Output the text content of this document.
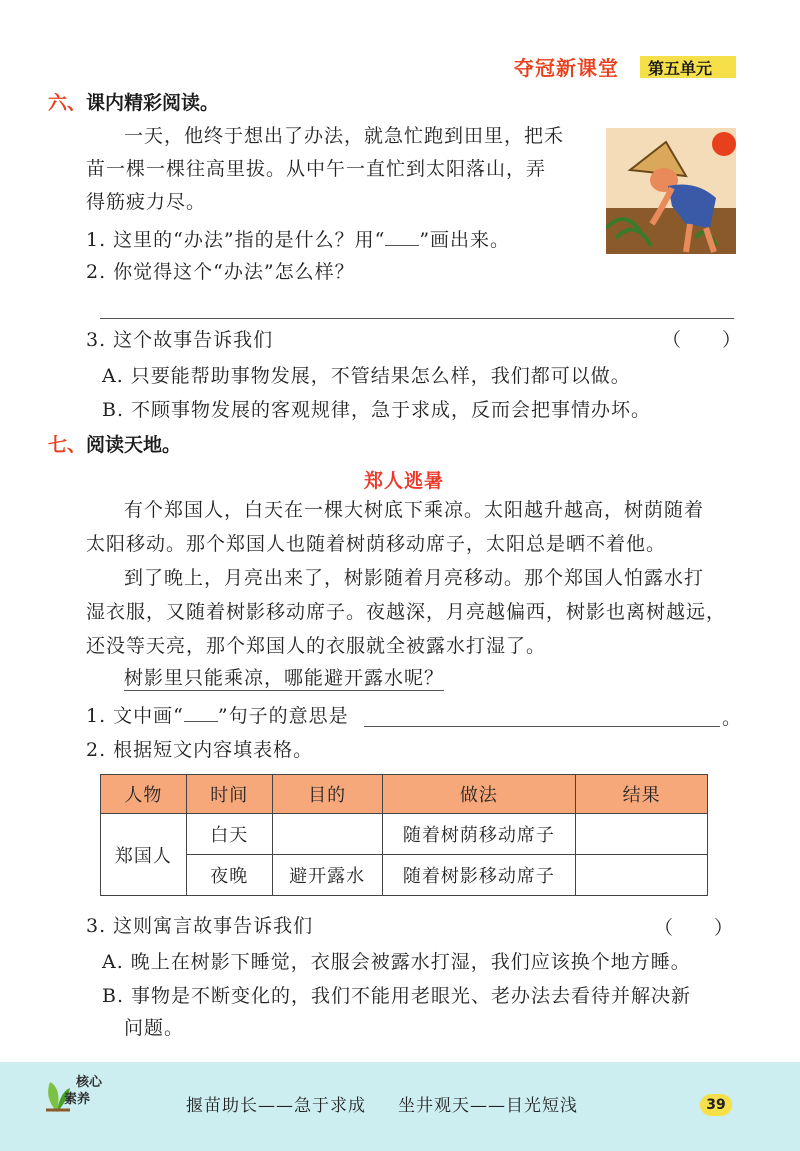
夺冠新课堂 第五单元
六、课内精彩阅读。
一天，他终于想出了办法，就急忙跑到田里，把禾
苗一棵一棵往高里拔。从中午一直忙到太阳落山，弄
得筋疲力尽。
1. 这里的“办法”指的是什么？用“ ”画出来。
2. 你觉得这个“办法”怎么样？
3. 这个故事告诉我们	（　　）
A. 只要能帮助事物发展，不管结果怎么样，我们都可以做。
B. 不顾事物发展的客观规律，急于求成，反而会把事情办坏。
七、阅读天地。
郑人逃暑
有个郑国人，白天在一棵大树底下乘凉。太阳越升越高，树荫随着
太阳移动。那个郑国人也随着树荫移动席子，太阳总是晒不着他。
到了晚上，月亮出来了，树影随着月亮移动。那个郑国人怕露水打
湿衣服，又随着树影移动席子。夜越深，月亮越偏西，树影也离树越远，
还没等天亮，那个郑国人的衣服就全被露水打湿了。
树影里只能乘凉，哪能避开露水呢？
1. 文中画“ ”句子的意思是	。
2. 根据短文内容填表格。
人物	时间	目的	做法	结果
郑国人	白天		随着树荫移动席子	
	夜晚	避开露水	随着树影移动席子	
3. 这则寓言故事告诉我们	（　　）
A. 晚上在树影下睡觉，衣服会被露水打湿，我们应该换个地方睡。
B. 事物是不断变化的，我们不能用老眼光、老办法去看待并解决新
问题。
核心
素养	揠苗助长——急于求成 坐井观天——目光短浅	39
